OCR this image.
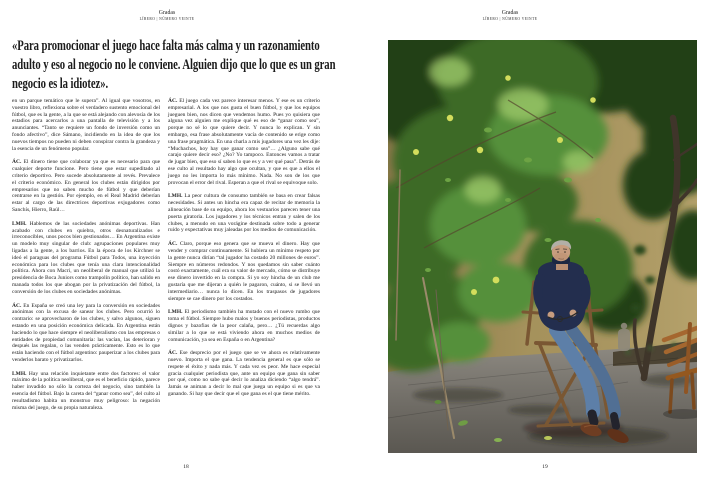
Gradas
LÍBERO | NÚMERO VEINTE
«Para promocionar el juego hace falta más calma y un razonamiento adulto y eso al negocio no le conviene. Alguien dijo que lo que es un gran negocio es la idiotez».

en un parque temático que le supera”. Al igual que vosotros, en vuestro libro, reflexiona sobre el verdadero sustento emocional del fútbol, que es la gente, a la que se está alejando con alevosía de los estadios para acercarlos a una pantalla de televisión y a los anunciantes. “Tanto se requiere un fondo de inversión como un fondo afectivo”, dice Sámano, incidiendo en la idea de que los nuevos tiempos no pueden ni deben conspirar contra la grandeza y la esencia de un fenómeno popular.

ÁC. El dinero tiene que colaborar ya que es necesario para que cualquier deporte funcione. Pero tiene que estar supeditado al criterio deportivo. Pero sucede absolutamente al revés. Prevalece el criterio económico. En general los clubes están dirigidos por empresarios que no saben mucho de fútbol y que deberían centrarse en la gestión. Por ejemplo, en el Real Madrid deberían estar al cargo de las directrices deportivas exjugadores como Sanchís, Hierro, Raúl…

LMH. Hablemos de las sociedades anónimas deportivas. Han acabado con clubes en quiebra, otros desnaturalizados e irreconocibles, unos pocos bien gestionados… En Argentina existe un modelo muy singular de club: agrupaciones populares muy ligadas a la gente, a los barrios. En la época de los Kirchner se ideó el paraguas del programa Fútbol para Todos, una inyección económica para los clubes que tenía una clara intencionalidad política. Ahora con Macri, un neoliberal de manual que utilizó la presidencia de Boca Juniors como trampolín político, han salido en manada todos los que abogan por la privatización del fútbol, la conversión de los clubes en sociedades anónimas.

ÁC. En España se creó una ley para la conversión en sociedades anónimas con la excusa de sanear los clubes. Pero ocurrió lo contrario: se aprovecharon de los clubes, y salvo algunos, siguen estando en una posición económica delicada. En Argentina están haciendo lo que hace siempre el neoliberalismo con las empresas o entidades de propiedad comunitaria: las vacían, las deterioran y después las regalan, o las venden prácticamente. Esto es lo que están haciendo con el fútbol argentino: pauperizar a los clubes para venderlos barato y privatizarlos.

LMH. Hay una relación inquietante entre dos factores: el valor máximo de la política neoliberal, que es el beneficio rápido, parece haber invadido no sólo la corteza del negocio, sino también la esencia del fútbol. Bajo la careta del “ganar como sea”, del culto al resultadismo habita un monstruo muy peligroso: la negación misma del juego, de su propia naturaleza.

ÁC. El juego cada vez parece interesar menos. Y ese es un criterio empresarial. A los que nos gusta el buen fútbol, y que los equipos jueguen bien, nos dicen que vendemos humo. Pues yo quisiera que alguna vez alguien me explique qué es eso de “ganar como sea”, porque no sé lo que quiere decir. Y nunca lo explican. Y sin embargo, esa frase absolutamente vacía de contenido se erige como una frase pragmática. En una charla a mis jugadores una vez les dije: “Muchachos, hoy hay que ganar como sea”… ¿Alguno sabe qué carajo quiere decir eso? ¿No? Yo tampoco. Entonces vamos a tratar de jugar bien, que eso sí saben lo que es y a ver qué pasa”. Detrás de ese culto al resultado hay algo que ocultan, y que es que a ellos el juego no les importa lo más mínimo. Nada. No son de los que provocan el error del rival. Esperan a que el rival se equivoque solo.

LMH. La peor cultura de consumo también se basa en crear falsas necesidades. Si antes un hincha era capaz de recitar de memoria la alineación base de su equipo, ahora los vestuarios parecen tener una puerta giratoria. Los jugadores y los técnicos entran y salen de los clubes, a menudo en una vorágine destinada sobre todo a generar ruido y expectativas muy jaleadas por los medios de comunicación.

ÁC. Claro, porque eso genera que se mueva el dinero. Hay que vender y comprar continuamente. Si hubiera un mínimo respeto por la gente nunca dirían “tal jugador ha costado 20 millones de euros”. Siempre en números redondos. Y nos quedamos sin saber cuánto costó exactamente, cuál era su valor de mercado, cómo se distribuye ese dinero invertido en la compra. Si yo soy hincha de un club me gustaría que me dijeran a quién le pagaron, cuánto, si se llevó un intermediario… nunca lo dicen. En los traspasos de jugadores siempre se cae dinero por los costados.

LMH. El periodismo también ha mutado con el nuevo rumbo que toma el fútbol. Siempre hubo malos y buenos periodistas, productos dignos y bazofias de la peor calaña, pero… ¿Tú recuerdas algo similar a lo que se está viviendo ahora en muchos medios de comunicación, ya sea en España o en Argentina?

ÁC. Ese desprecio por el juego que se ve ahora es relativamente nuevo. Importa el que gana. La tendencia general es que sólo se respete el éxito y nada más. Y cada vez es peor. Me hace especial gracia cualquier periodista que, ante un equipo que gana sin saber por qué, como no sabe qué decir lo analiza diciendo “algo tendrá”. Jamás se animan a decir lo mal que juega un equipo si es que va ganando. Si hay que decir que el que gana es el que tiene mérito.

18
Gradas
LÍBERO | NÚMERO VEINTE
19
